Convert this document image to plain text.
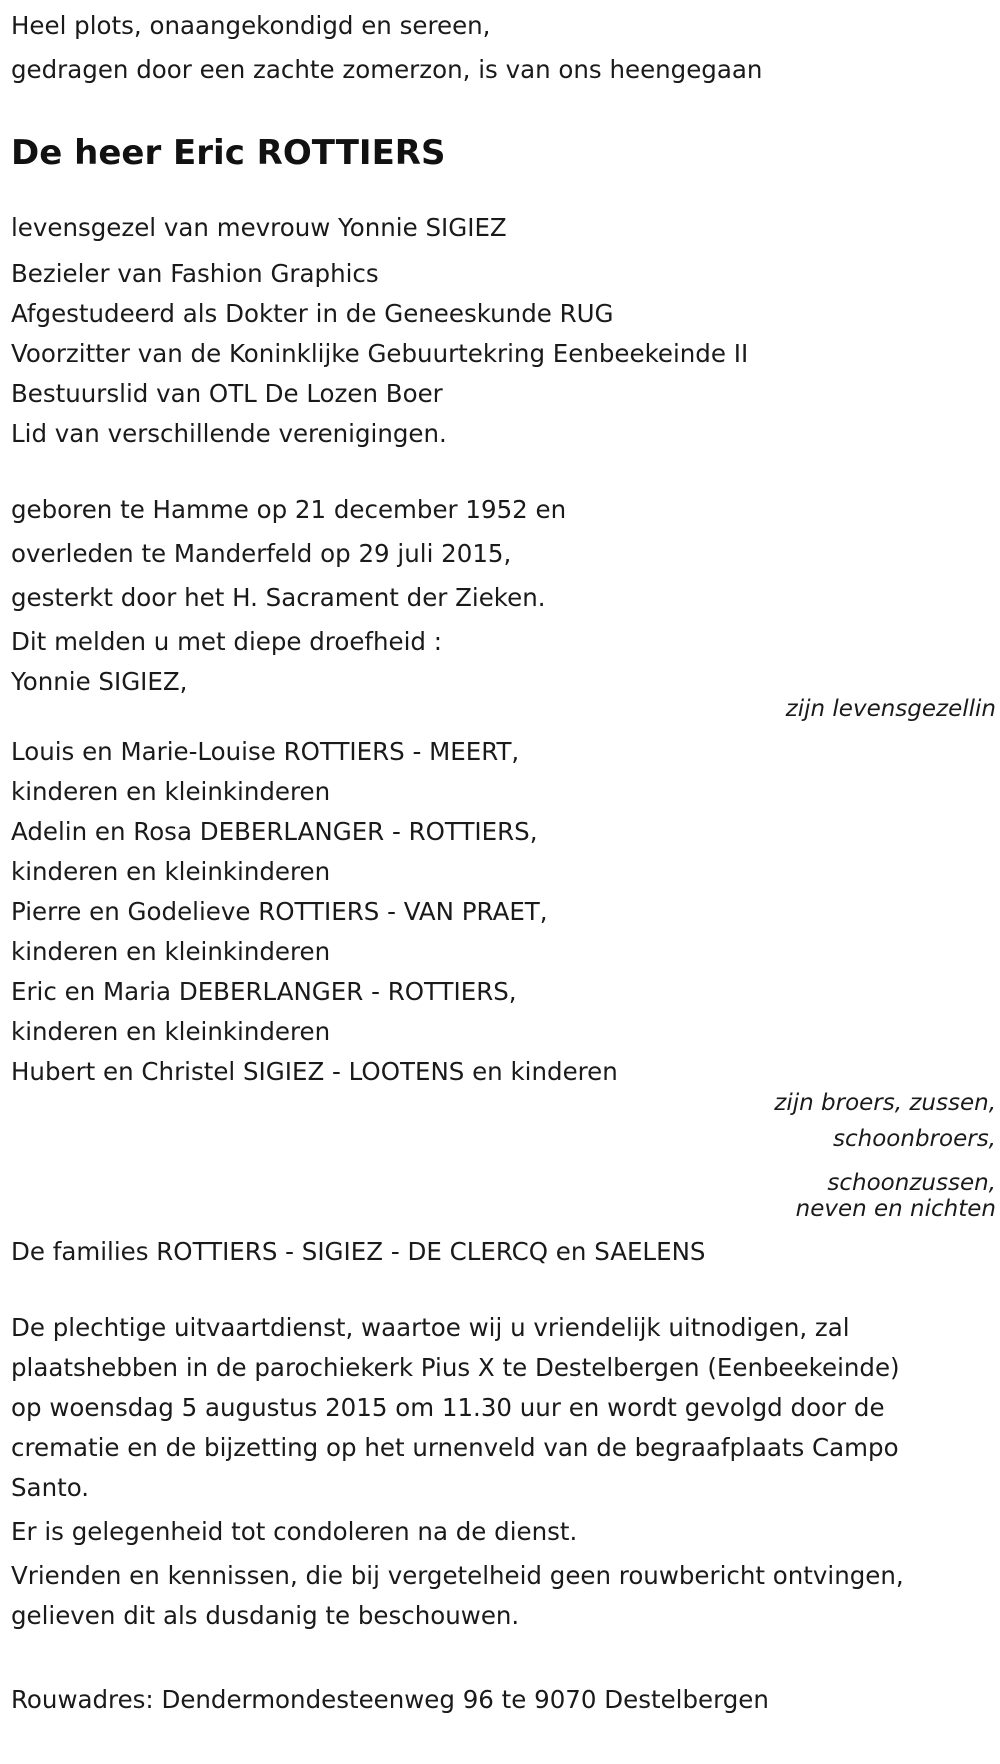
Heel plots, onaangekondigd en sereen,
gedragen door een zachte zomerzon, is van ons heengegaan
De heer Eric ROTTIERS
levensgezel van mevrouw Yonnie SIGIEZ
Bezieler van Fashion Graphics
Afgestudeerd als Dokter in de Geneeskunde RUG
Voorzitter van de Koninklijke Gebuurtekring Eenbeekeinde II
Bestuurslid van OTL De Lozen Boer
Lid van verschillende verenigingen.
geboren te Hamme op 21 december 1952 en
overleden te Manderfeld op 29 juli 2015,
gesterkt door het H. Sacrament der Zieken.
Dit melden u met diepe droefheid :
Yonnie SIGIEZ,
zijn levensgezellin
Louis en Marie-Louise ROTTIERS - MEERT,
kinderen en kleinkinderen
Adelin en Rosa DEBERLANGER - ROTTIERS,
kinderen en kleinkinderen
Pierre en Godelieve ROTTIERS - VAN PRAET,
kinderen en kleinkinderen
Eric en Maria DEBERLANGER - ROTTIERS,
kinderen en kleinkinderen
Hubert en Christel SIGIEZ - LOOTENS en kinderen
zijn broers, zussen,
schoonbroers,
schoonzussen,
neven en nichten
De families ROTTIERS - SIGIEZ - DE CLERCQ en SAELENS
De plechtige uitvaartdienst, waartoe wij u vriendelijk uitnodigen, zal
plaatshebben in de parochiekerk Pius X te Destelbergen (Eenbeekeinde)
op woensdag 5 augustus 2015 om 11.30 uur en wordt gevolgd door de
crematie en de bijzetting op het urnenveld van de begraafplaats Campo
Santo.
Er is gelegenheid tot condoleren na de dienst.
Vrienden en kennissen, die bij vergetelheid geen rouwbericht ontvingen,
gelieven dit als dusdanig te beschouwen.
Rouwadres: Dendermondesteenweg 96 te 9070 Destelbergen
